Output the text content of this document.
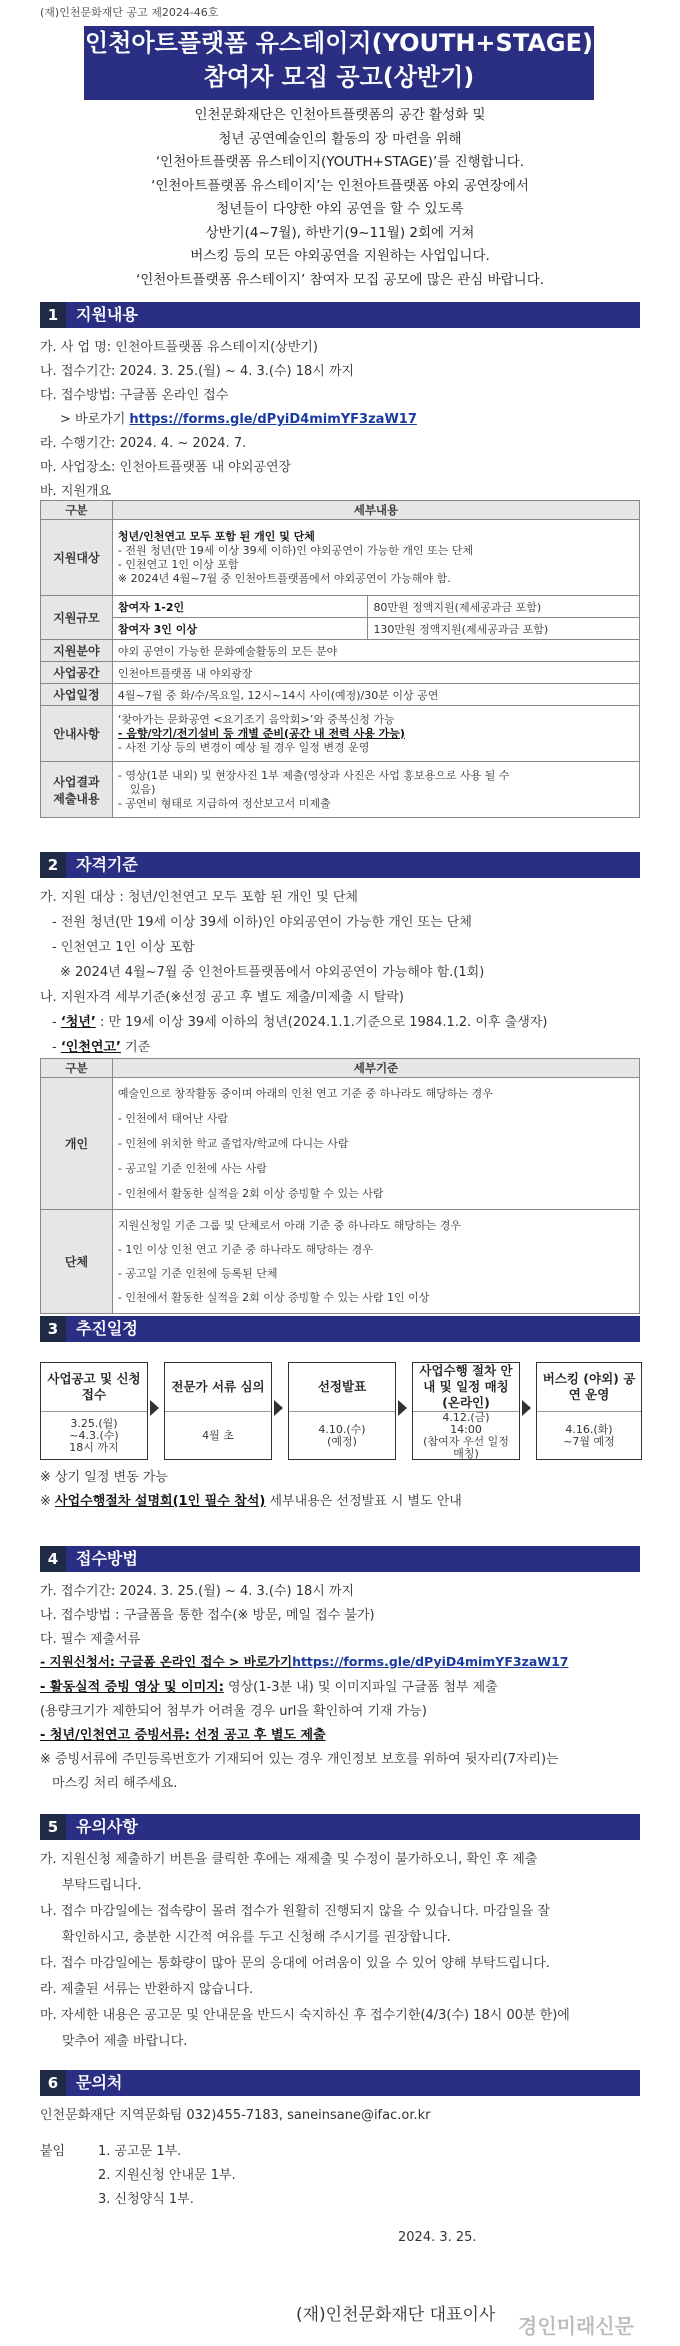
(재)인천문화재단 공고 제2024-46호
인천아트플랫폼 유스테이지(YOUTH+STAGE)
참여자 모집 공고(상반기)
인천문화재단은 인천아트플랫폼의 공간 활성화 및
청년 공연예술인의 활동의 장 마련을 위해
‘인천아트플랫폼 유스테이지(YOUTH+STAGE)’를 진행합니다.
‘인천아트플랫폼 유스테이지’는 인천아트플랫폼 야외 공연장에서
청년들이 다양한 야외 공연을 할 수 있도록
상반기(4~7월), 하반기(9~11월) 2회에 거쳐
버스킹 등의 모든 야외공연을 지원하는 사업입니다.
‘인천아트플랫폼 유스테이지’ 참여자 모집 공모에 많은 관심 바랍니다.
1	지원내용
가. 사 업 명: 인천아트플랫폼 유스테이지(상반기)
나. 접수기간: 2024. 3. 25.(월) ~ 4. 3.(수) 18시 까지
다. 접수방법: 구글폼 온라인 접수
> 바로가기 https://forms.gle/dPyiD4mimYF3zaW17
라. 수행기간: 2024. 4. ~ 2024. 7.
마. 사업장소: 인천아트플랫폼 내 야외공연장
바. 지원개요
구분	세부내용	
지원대상	청년/인천연고 모두 포함 된 개인 및 단체
- 전원 청년(만 19세 이상 39세 이하)인 야외공연이 가능한 개인 또는 단체
- 인천연고 1인 이상 포함
※ 2024년 4월~7월 중 인천아트플랫폼에서 야외공연이 가능해야 함.	

지원규모	참여자 1-2인	80만원 정액지원(제세공과금 포함)
	참여자 3인 이상	130만원 정액지원(제세공과금 포함)
지원분야	야외 공연이 가능한 문화예술활동의 모든 분야	
사업공간	인천아트플랫폼 내 야외광장	
사업일정	4월~7월 중 화/수/목요일, 12시~14시 사이(예정)/30분 이상 공연	
안내사항	‘찾아가는 문화공연 <요기조기 음악회>’와 중복신청 가능
- 음향/악기/전기설비 등 개별 준비(공간 내 전력 사용 가능)
- 사전 기상 등의 변경이 예상 될 경우 일정 변경 운영	

사업결과 제출내용	- 영상(1분 내외) 및 현장사진 1부 제출(영상과 사진은 사업 홍보용으로 사용 될 수
있음)
- 공연비 형태로 지급하여 정산보고서 미제출	
2	자격기준
가. 지원 대상 : 청년/인천연고 모두 포함 된 개인 및 단체
- 전원 청년(만 19세 이상 39세 이하)인 야외공연이 가능한 개인 또는 단체
- 인천연고 1인 이상 포함
※ 2024년 4월~7월 중 인천아트플랫폼에서 야외공연이 가능해야 함.(1회)
나. 지원자격 세부기준(※선정 공고 후 별도 제출/미제출 시 탈락)
- ‘청년’ : 만 19세 이상 39세 이하의 청년(2024.1.1.기준으로 1984.1.2. 이후 출생자)
- ‘인천연고’ 기준
구분	세부기준
개인	예술인으로 창작활동 중이며 아래의 인천 연고 기준 중 하나라도 해당하는 경우
- 인천에서 태어난 사람
- 인천에 위치한 학교 졸업자/학교에 다니는 사람
- 공고일 기준 인천에 사는 사람
- 인천에서 활동한 실적을 2회 이상 증빙할 수 있는 사람

단체	지원신청일 기준 그룹 및 단체로서 아래 기준 중 하나라도 해당하는 경우
- 1인 이상 인천 연고 기준 중 하나라도 해당하는 경우
- 공고일 기준 인천에 등록된 단체
- 인천에서 활동한 실적을 2회 이상 증빙할 수 있는 사람 1인 이상
3	추진일정
사업공고 및 신청 접수
3.25.(월)
~4.3.(수)
18시 까지
전문가 서류 심의
4월 초
선정발표
4.10.(수)
(예정)
사업수행 절차 안내 및 일정 매칭(온라인)
4.12.(금)
14:00
(참여자 우선 일정
매칭)
버스킹 (야외) 공연 운영
4.16.(화)
~7월 예정
※ 상기 일정 변동 가능
※ 사업수행절차 설명회(1인 필수 참석) 세부내용은 선정발표 시 별도 안내
4	접수방법
가. 접수기간: 2024. 3. 25.(월) ~ 4. 3.(수) 18시 까지
나. 접수방법 : 구글폼을 통한 접수(※ 방문, 메일 접수 불가)
다. 필수 제출서류
- 지원신청서: 구글폼 온라인 접수 > 바로가기https://forms.gle/dPyiD4mimYF3zaW17
- 활동실적 증빙 영상 및 이미지: 영상(1-3분 내) 및 이미지파일 구글폼 첨부 제출
(용량크기가 제한되어 첨부가 어려울 경우 url을 확인하여 기재 가능)
- 청년/인천연고 증빙서류: 선정 공고 후 별도 제출
※ 증빙서류에 주민등록번호가 기재되어 있는 경우 개인정보 보호를 위하여 뒷자리(7자리)는
마스킹 처리 해주세요.
5	유의사항
가. 지원신청 제출하기 버튼을 클릭한 후에는 재제출 및 수정이 불가하오니, 확인 후 제출
부탁드립니다.
나. 접수 마감일에는 접속량이 몰려 접수가 원활히 진행되지 않을 수 있습니다. 마감일을 잘
확인하시고, 충분한 시간적 여유를 두고 신청해 주시기를 권장합니다.
다. 접수 마감일에는 통화량이 많아 문의 응대에 어려움이 있을 수 있어 양해 부탁드립니다.
라. 제출된 서류는 반환하지 않습니다.
마. 자세한 내용은 공고문 및 안내문을 반드시 숙지하신 후 접수기한(4/3(수) 18시 00분 한)에
맞추어 제출 바랍니다.
6	문의처
인천문화재단 지역문화팀 032)455-7183, saneinsane@ifac.or.kr
붙임	1. 공고문 1부.
2. 지원신청 안내문 1부.
3. 신청양식 1부.
2024. 3. 25.
(재)인천문화재단 대표이사 경인미래신문
